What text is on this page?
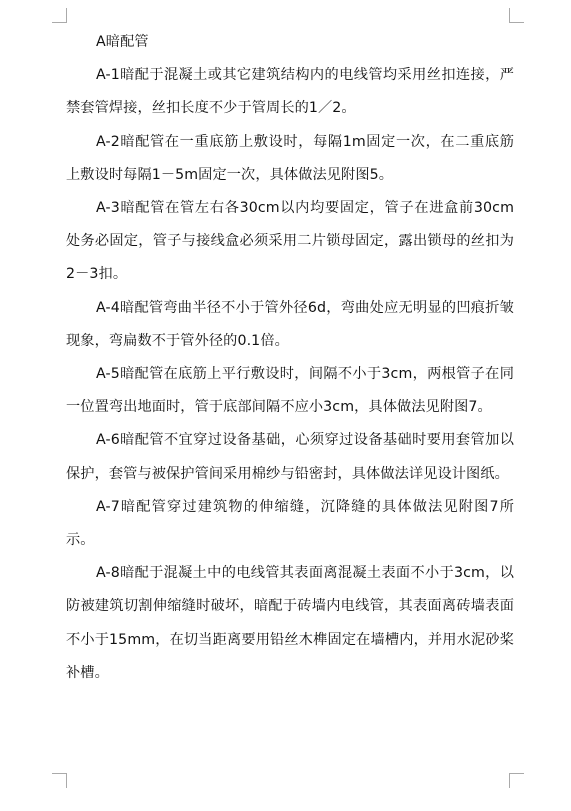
A暗配管

A-1暗配于混凝土或其它建筑结构内的电线管均采用丝扣连接，严禁套管焊接，丝扣长度不少于管周长的1／2。

A-2暗配管在一重底筋上敷设时，每隔1m固定一次，在二重底筋上敷设时每隔1－5m固定一次，具体做法见附图5。

A-3暗配管在管左右各30cm以内均要固定，管子在进盒前30cm处务必固定，管子与接线盒必须采用二片锁母固定，露出锁母的丝扣为2－3扣。

A-4暗配管弯曲半径不小于管外径6d，弯曲处应无明显的凹痕折皱现象，弯扁数不于管外径的0.1倍。

A-5暗配管在底筋上平行敷设时，间隔不小于3cm，两根管子在同一位置弯出地面时，管于底部间隔不应小3cm，具体做法见附图7。

A-6暗配管不宜穿过设备基础，心须穿过设备基础时要用套管加以保护，套管与被保护管间采用棉纱与铅密封，具体做法详见设计图纸。

A-7暗配管穿过建筑物的伸缩缝，沉降缝的具体做法见附图7所示。

A-8暗配于混凝土中的电线管其表面离混凝土表面不小于3cm，以防被建筑切割伸缩缝时破坏，暗配于砖墙内电线管，其表面离砖墙表面不小于15mm，在切当距离要用铅丝木榫固定在墙槽内，并用水泥砂桨补槽。
